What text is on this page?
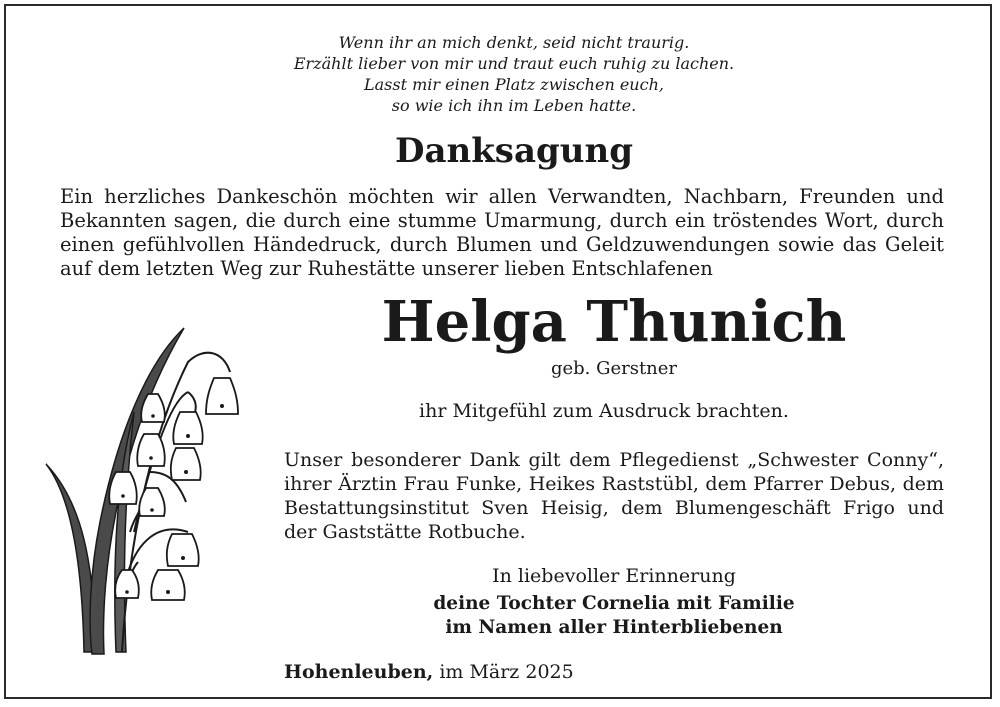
Wenn ihr an mich denkt, seid nicht traurig.
Erzählt lieber von mir und traut euch ruhig zu lachen.
Lasst mir einen Platz zwischen euch,
so wie ich ihn im Leben hatte.
Danksagung
Ein herzliches Dankeschön möchten wir allen Verwandten, Nachbarn, Freunden und Bekannten sagen, die durch eine stumme Umarmung, durch ein tröstendes Wort, durch einen gefühlvollen Händedruck, durch Blumen und Geldzuwendungen sowie das Geleit auf dem letzten Weg zur Ruhestätte unserer lieben Entschlafenen
Helga Thunich
geb. Gerstner
ihr Mitgefühl zum Ausdruck brachten.
Unser besonderer Dank gilt dem Pflegedienst „Schwester Conny“, ihrer Ärztin Frau Funke, Heikes Raststübl, dem Pfarrer Debus, dem Bestattungsinstitut Sven Heisig, dem Blumengeschäft Frigo und der Gaststätte Rotbuche.
In liebevoller Erinnerung
deine Tochter Cornelia mit Familie
im Namen aller Hinterbliebenen
Hohenleuben, im März 2025
